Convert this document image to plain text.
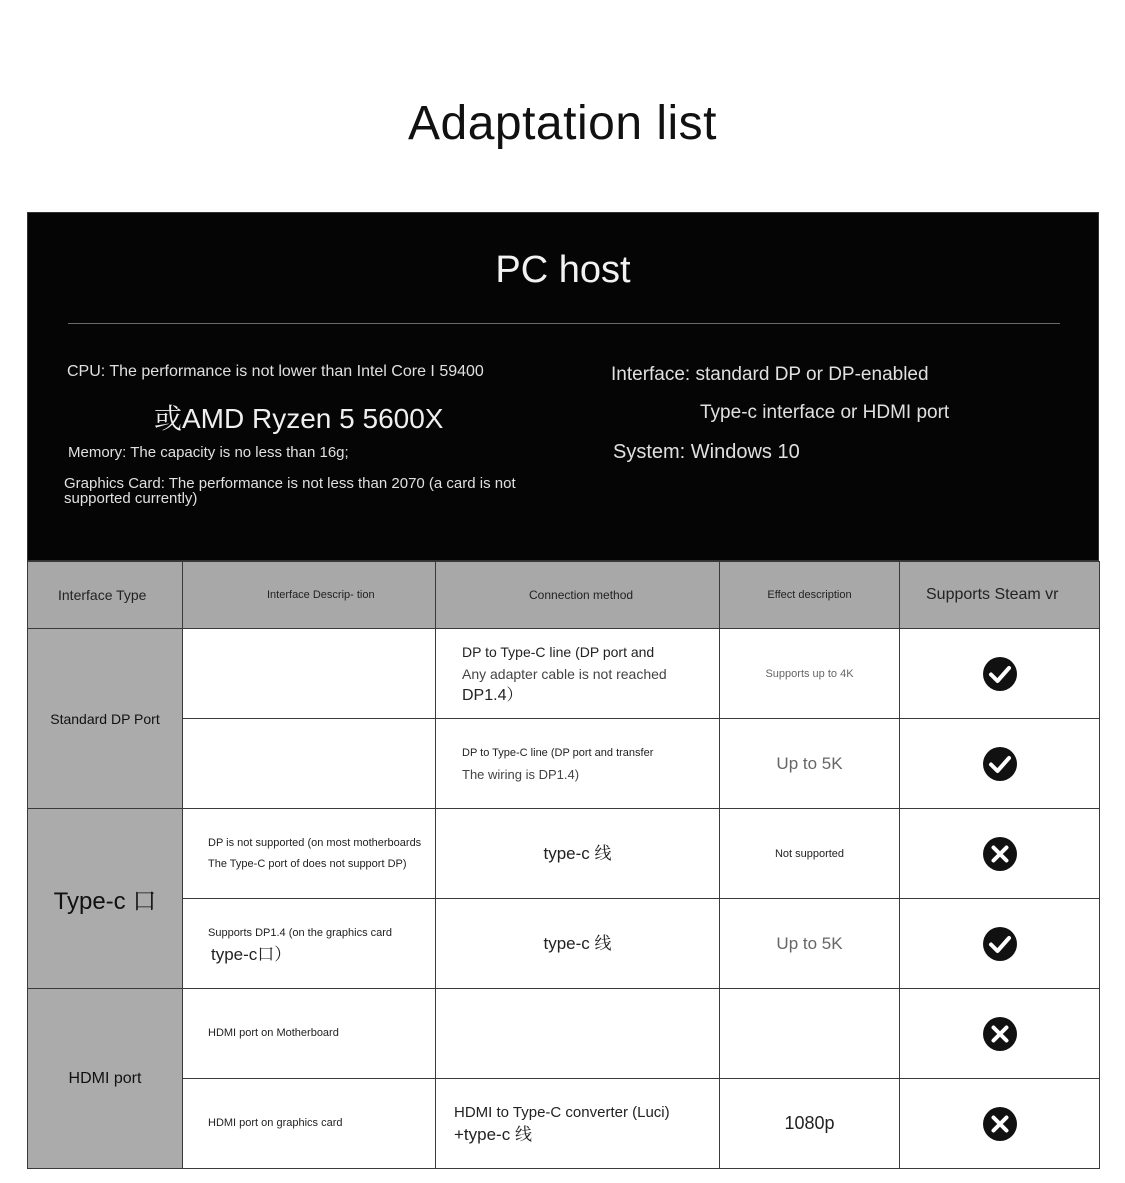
Adaptation list
PC host
CPU: The performance is not lower than Intel Core I 59400
或AMD Ryzen 5 5600X
Memory: The capacity is no less than 16g;
Graphics Card: The performance is not less than 2070 (a card is not supported currently)
Interface: standard DP or DP-enabled
Type-c interface or HDMI port
System: Windows 10
Interface Type	Interface Descrip- tion	Connection method	Effect description	Supports Steam vr
Standard DP Port		DP to Type-C line (DP port and
Any adapter cable is not reached
DP1.4）	Supports up to 4K	

		DP to Type-C line (DP port and transfer
The wiring is DP1.4)	Up to 5K	
Type-c 口	DP is not supported (on most motherboards
The Type-C port of does not support DP)	type-c 线	Not supported	

	Supports DP1.4 (on the graphics card
type-c口）	type-c 线	Up to 5K	
HDMI port	HDMI port on Motherboard

	HDMI port on graphics card	HDMI to Type-C converter (Luci)
+type-c 线	1080p	
